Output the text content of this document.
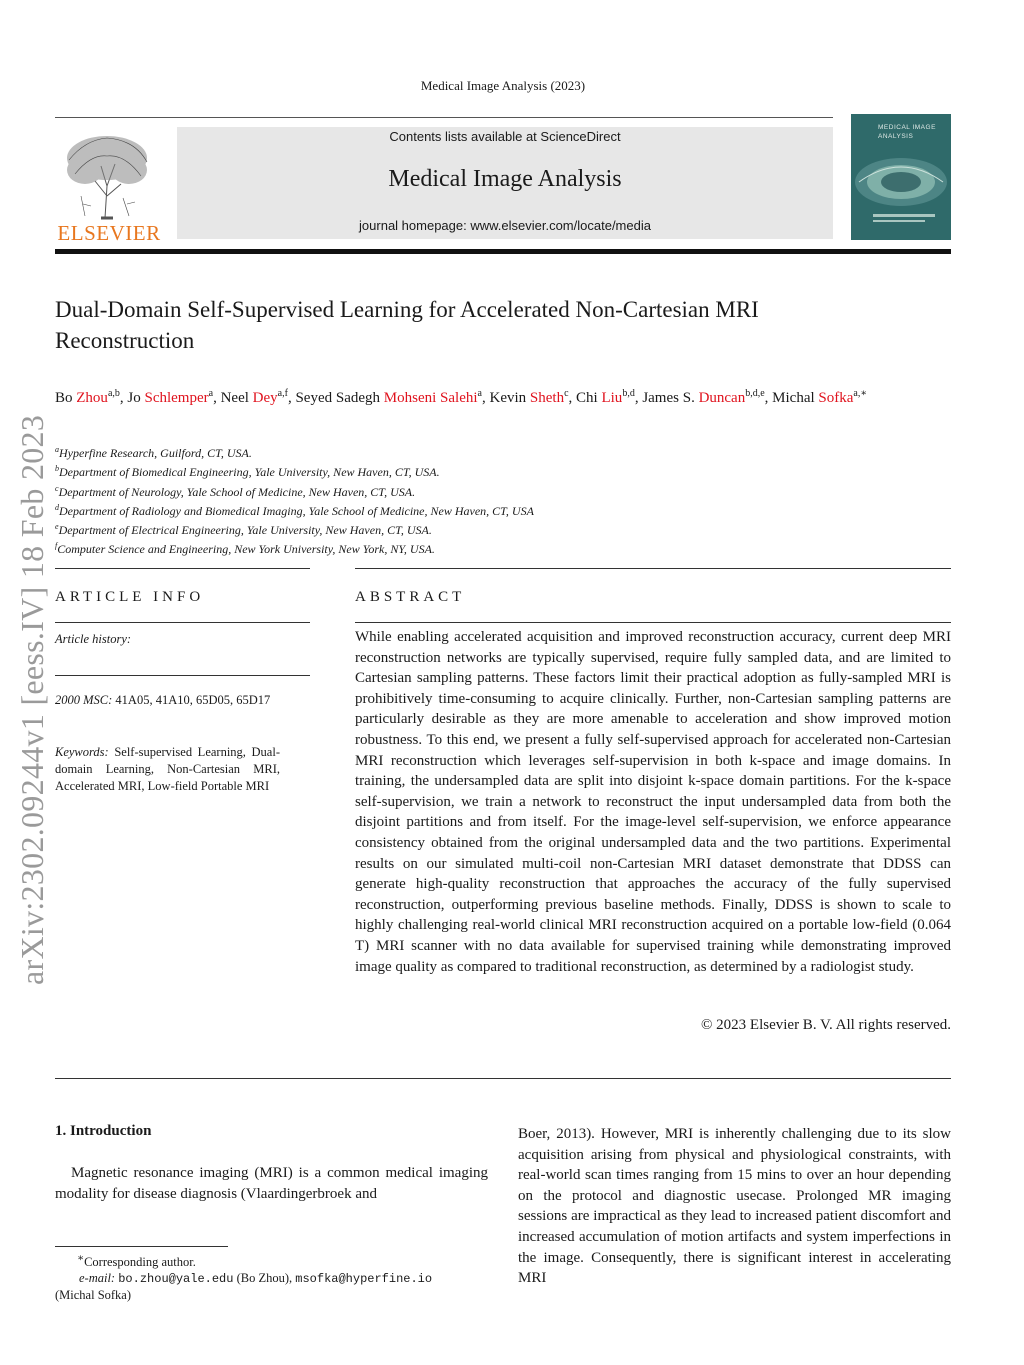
Medical Image Analysis (2023)
ELSEVIER
Contents lists available at ScienceDirect
Medical Image Analysis
journal homepage: www.elsevier.com/locate/media
MEDICAL IMAGE ANALYSIS
arXiv:2302.09244v1 [eess.IV] 18 Feb 2023
Dual-Domain Self-Supervised Learning for Accelerated Non-Cartesian MRI
Reconstruction
Bo Zhou$^{a,b}$, Jo Schlemper$^a$, Neel Dey$^{a,f}$, Seyed Sadegh Mohseni Salehi$^a$, Kevin Sheth$^c$, Chi Liu$^{b,d}$, James S. Duncan$^{b,d,e}$, Michal Sofka$^{a,∗}$
$^a$Hyperfine Research, Guilford, CT, USA.
$^b$Department of Biomedical Engineering, Yale University, New Haven, CT, USA.
$^c$Department of Neurology, Yale School of Medicine, New Haven, CT, USA.
$^d$Department of Radiology and Biomedical Imaging, Yale School of Medicine, New Haven, CT, USA
$^e$Department of Electrical Engineering, Yale University, New Haven, CT, USA.
$^f$Computer Science and Engineering, New York University, New York, NY, USA.
ARTICLE INFO
Article history:
2000 MSC: 41A05, 41A10, 65D05, 65D17
Keywords: Self-supervised Learning, Dual-domain Learning, Non-Cartesian MRI, Accelerated MRI, Low-field Portable MRI
ABSTRACT
While enabling accelerated acquisition and improved reconstruction accuracy, current deep MRI reconstruction networks are typically supervised, require fully sampled data, and are limited to Cartesian sampling patterns. These factors limit their practical adoption as fully-sampled MRI is prohibitively time-consuming to acquire clinically. Further, non-Cartesian sampling patterns are particularly desirable as they are more amenable to acceleration and show improved motion robustness. To this end, we present a fully self-supervised approach for accelerated non-Cartesian MRI reconstruction which leverages self-supervision in both k-space and image domains. In training, the undersampled data are split into disjoint k-space domain partitions. For the k-space self-supervision, we train a network to reconstruct the input undersampled data from both the disjoint partitions and from itself. For the image-level self-supervision, we enforce appearance consistency obtained from the original undersampled data and the two partitions. Experimental results on our simulated multi-coil non-Cartesian MRI dataset demonstrate that DDSS can generate high-quality reconstruction that approaches the accuracy of the fully supervised reconstruction, outperforming previous baseline methods. Finally, DDSS is shown to scale to highly challenging real-world clinical MRI reconstruction acquired on a portable low-field (0.064 T) MRI scanner with no data available for supervised training while demonstrating improved image quality as compared to traditional reconstruction, as determined by a radiologist study.
© 2023 Elsevier B. V. All rights reserved.
1. Introduction
Magnetic resonance imaging (MRI) is a common medical imaging modality for disease diagnosis (Vlaardingerbroek and
Boer, 2013). However, MRI is inherently challenging due to its slow acquisition arising from physical and physiological constraints, with real-world scan times ranging from 15 mins to over an hour depending on the protocol and diagnostic usecase. Prolonged MR imaging sessions are impractical as they lead to increased patient discomfort and increased accumulation of motion artifacts and system imperfections in the image. Consequently, there is significant interest in accelerating MRI
∗Corresponding author.
e-mail: bo.zhou@yale.edu (Bo Zhou), msofka@hyperfine.io
(Michal Sofka)
